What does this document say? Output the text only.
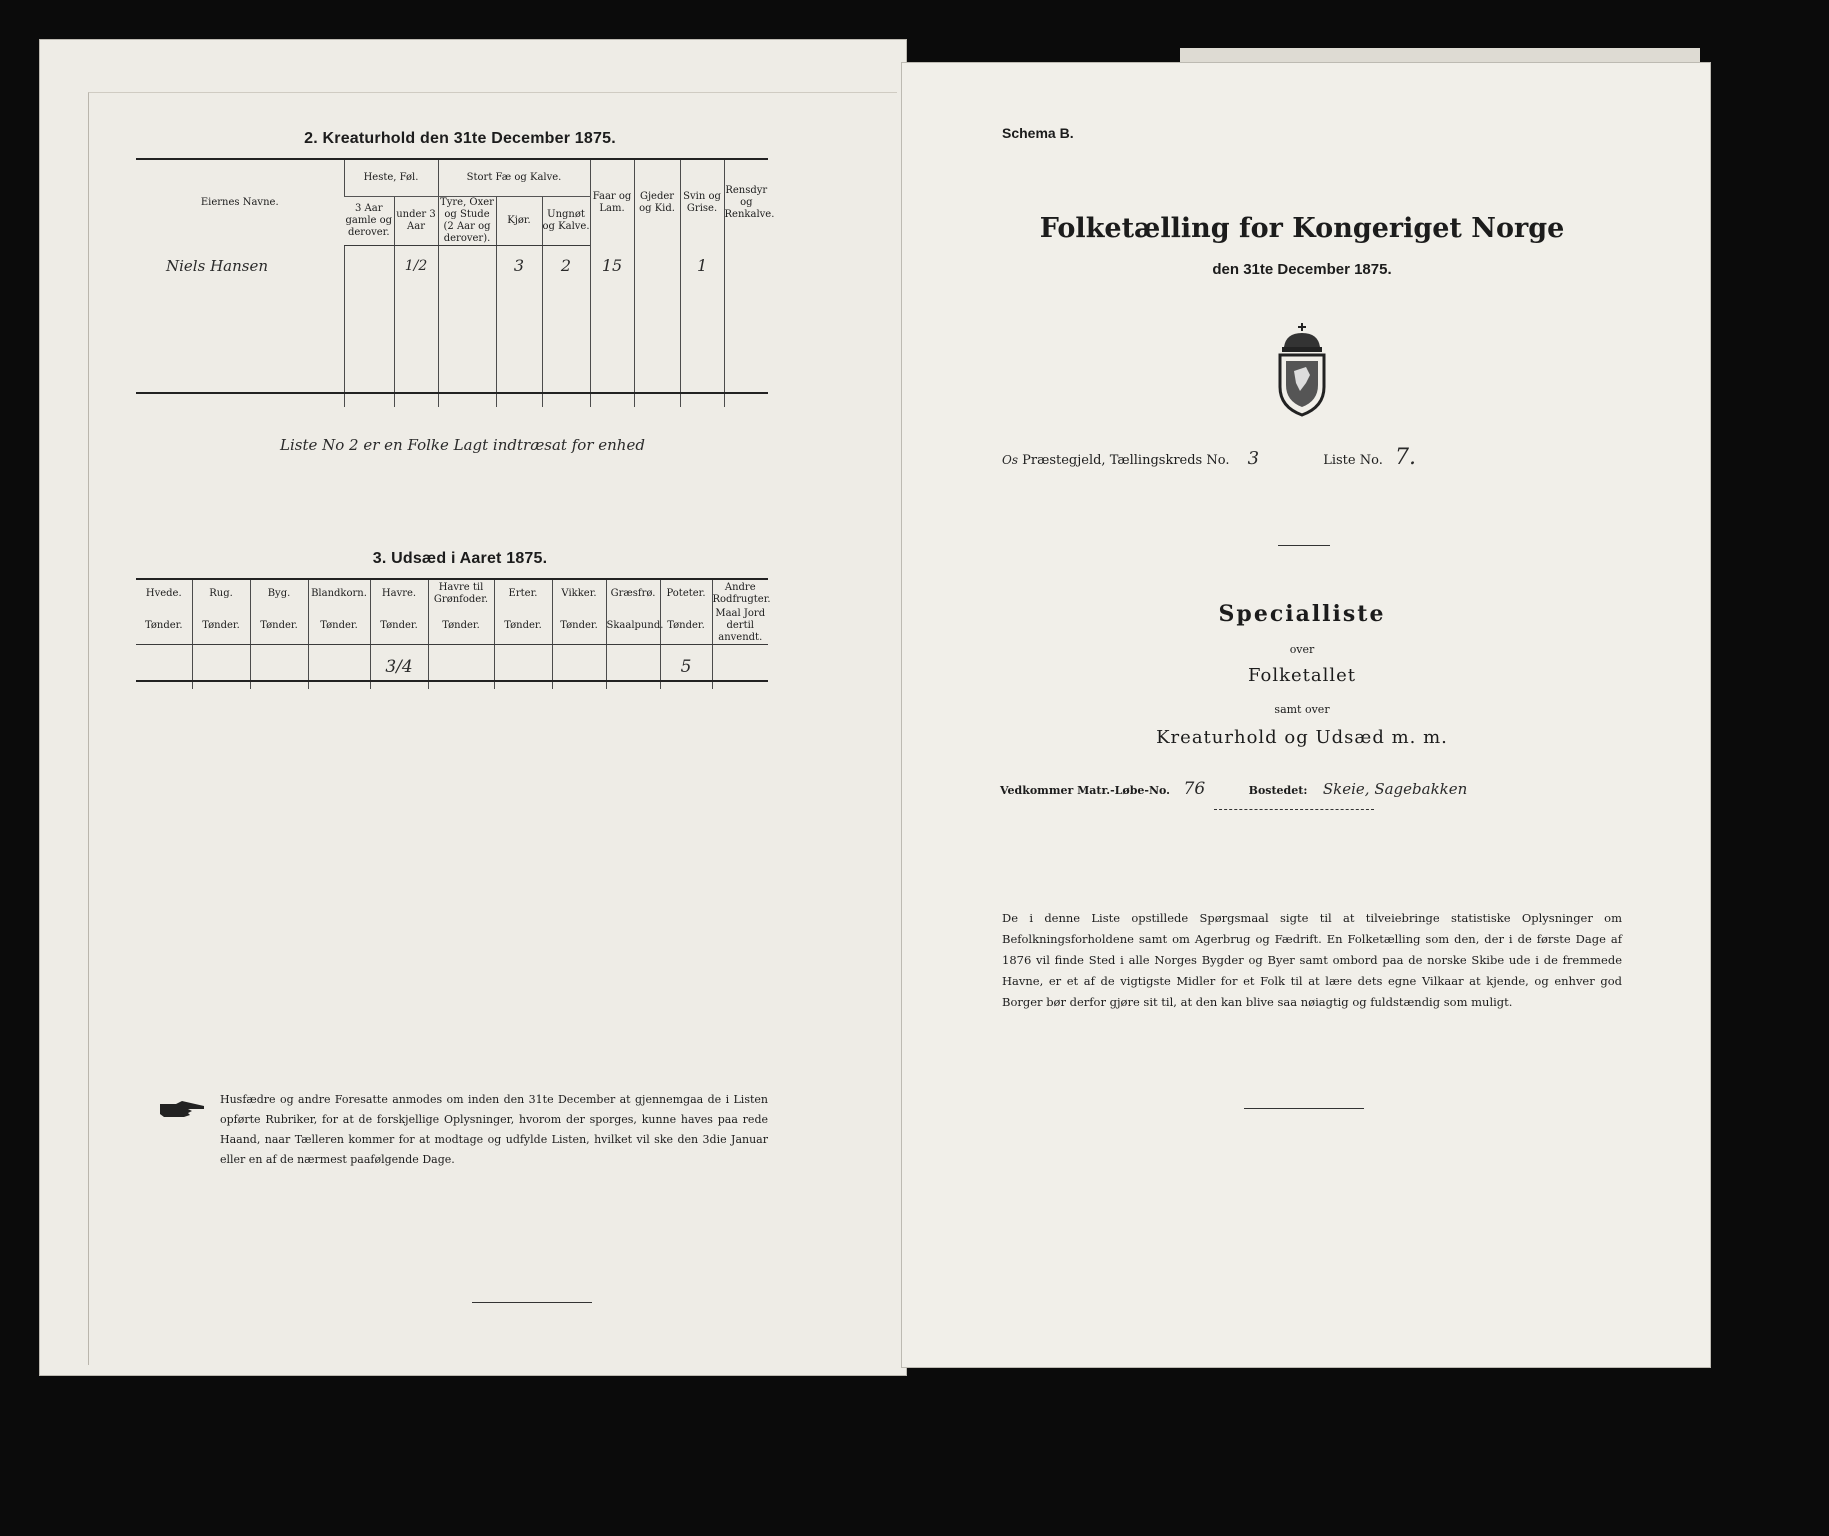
2. Kreaturhold den 31te December 1875.
Eiernes Navne.	Heste, Føl.		Stort Fæ og Kalve.			Faar og Lam.	Gjeder og Kid.	Svin og Grise.	Rensdyr og Renkalve.
	3 Aar gamle og derover.	under 3 Aar	Tyre, Oxer og Stude (2 Aar og derover).	Kjør.	Ungnøt og Kalve.				
Niels Hansen		1/2		3	2	15		1	

Liste No 2 er en Folke Lagt indtræsat for enhed
3. Udsæd i Aaret 1875.
Hvede.	Rug.	Byg.	Blandkorn.	Havre.	Havre til Grønfoder.	Erter.	Vikker.	Græsfrø.	Poteter.	Andre Rodfrugter.
Tønder.	Tønder.	Tønder.	Tønder.	Tønder.	Tønder.	Tønder.	Tønder.	Skaalpund.	Tønder.	Maal Jord dertil anvendt.
				3/4					5	
Husfædre og andre Foresatte anmodes om inden den 31te December at gjennemgaa de i Listen opførte Rubriker, for at de forskjellige Oplysninger, hvorom der sporges, kunne haves paa rede Haand, naar Tælleren kommer for at modtage og udfylde Listen, hvilket vil ske den 3die Januar eller en af de nærmest paafølgende Dage.
Schema B.
Folketælling for Kongeriget Norge
den 31te December 1875.
Os Præstegjeld, Tællingskreds No. 3	Liste No. 7.
Specialliste
over
Folketallet
samt over
Kreaturhold og Udsæd m. m.
Vedkommer Matr.-Løbe-No. 76	Bostedet: Skeie, Sagebakken
De i denne Liste opstillede Spørgsmaal sigte til at tilveiebringe statistiske Oplysninger om Befolkningsforholdene samt om Agerbrug og Fædrift. En Folketælling som den, der i de første Dage af 1876 vil finde Sted i alle Norges Bygder og Byer samt ombord paa de norske Skibe ude i de fremmede Havne, er et af de vigtigste Midler for et Folk til at lære dets egne Vilkaar at kjende, og enhver god Borger bør derfor gjøre sit til, at den kan blive saa nøiagtig og fuldstændig som muligt.
